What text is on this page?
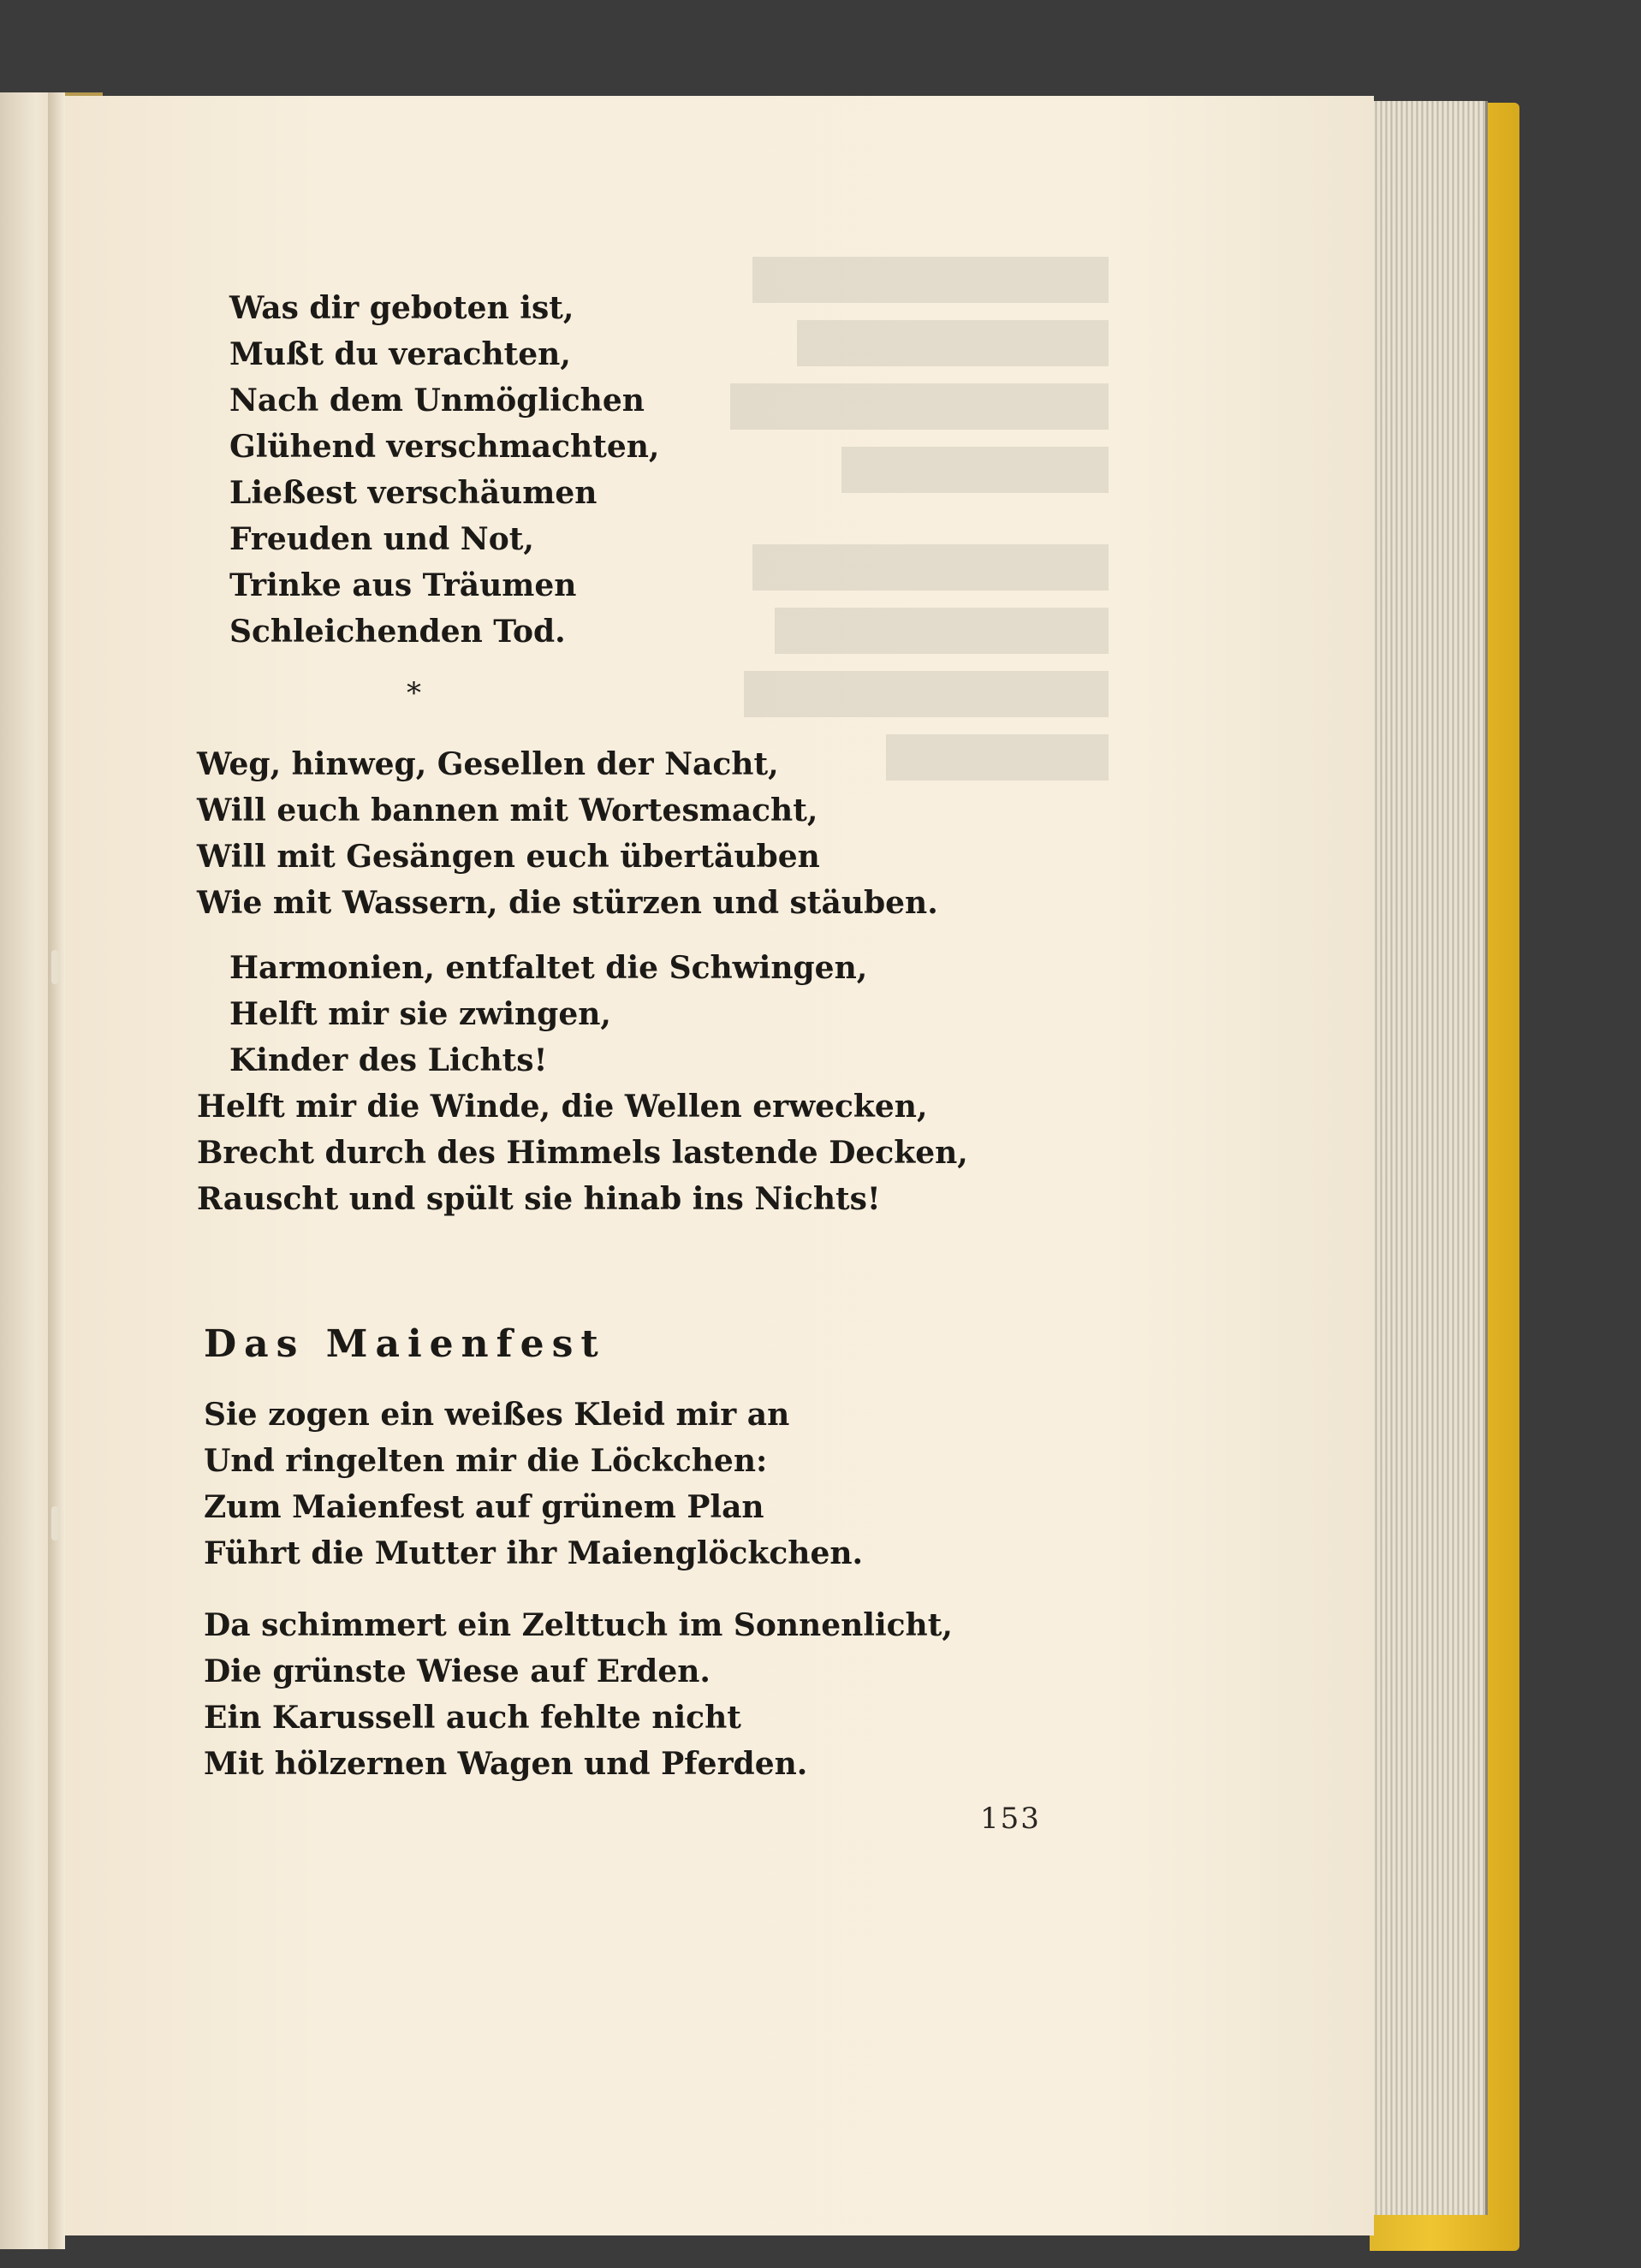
Was dir geboten ist,
Mußt du verachten,
Nach dem Unmöglichen
Glühend verschmachten,
Ließest verschäumen
Freuden und Not,
Trinke aus Träumen
Schleichenden Tod.
*
Weg, hinweg, Gesellen der Nacht,
Will euch bannen mit Wortesmacht,
Will mit Gesängen euch übertäuben
Wie mit Wassern, die stürzen und stäuben.
Harmonien, entfaltet die Schwingen,
Helft mir sie zwingen,
Kinder des Lichts!
Helft mir die Winde, die Wellen erwecken,
Brecht durch des Himmels lastende Decken,
Rauscht und spült sie hinab ins Nichts!
Das Maienfest
Sie zogen ein weißes Kleid mir an
Und ringelten mir die Löckchen:
Zum Maienfest auf grünem Plan
Führt die Mutter ihr Maienglöckchen.
Da schimmert ein Zelttuch im Sonnenlicht,
Die grünste Wiese auf Erden.
Ein Karussell auch fehlte nicht
Mit hölzernen Wagen und Pferden.
153
